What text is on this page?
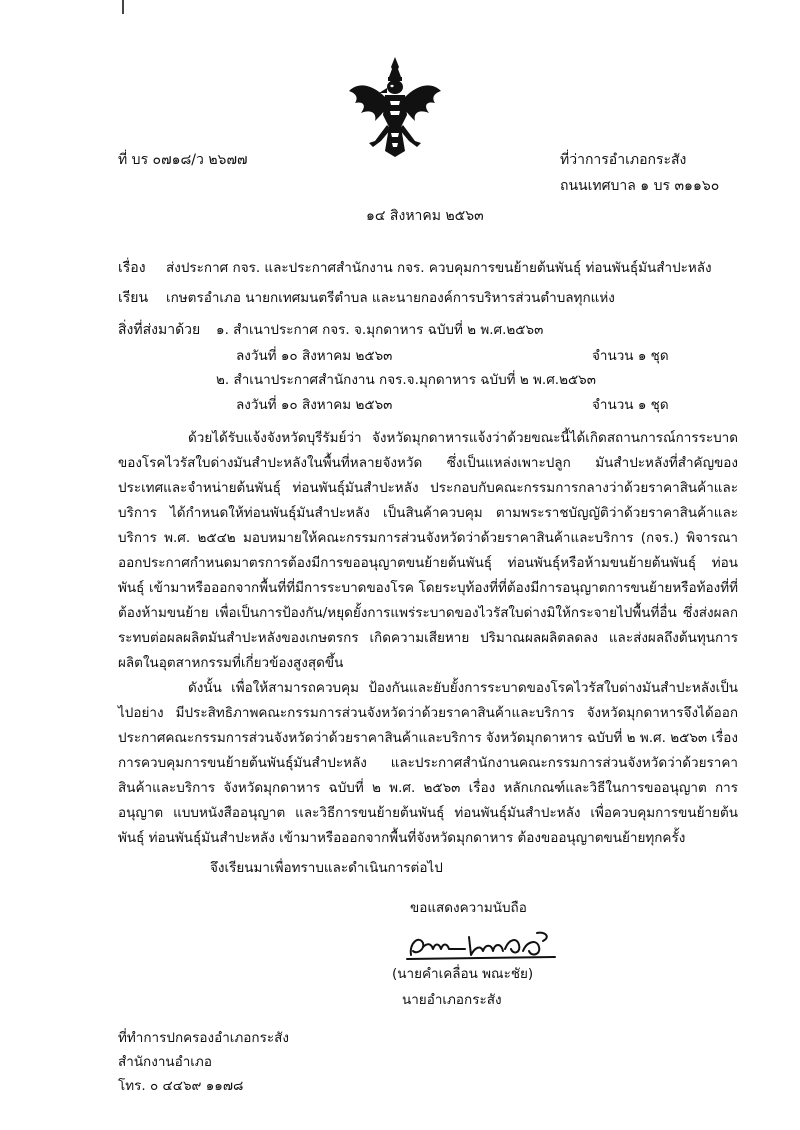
ที่ บร ๐๗๑๘/ว ๒๖๗๗	ที่ว่าการอำเภอกระสัง
ถนนเทศบาล ๑ บร ๓๑๑๖๐
๑๔ สิงหาคม ๒๕๖๓
เรื่อง ส่งประกาศ กจร. และประกาศสำนักงาน กจร. ควบคุมการขนย้ายต้นพันธุ์ ท่อนพันธุ์มันสำปะหลัง
เรียน เกษตรอำเภอ นายกเทศมนตรีตำบล และนายกองค์การบริหารส่วนตำบลทุกแห่ง
สิ่งที่ส่งมาด้วย ๑. สำเนาประกาศ กจร. จ.มุกดาหาร ฉบับที่ ๒ พ.ศ.๒๕๖๓
ลงวันที่ ๑๐ สิงหาคม ๒๕๖๓	จำนวน ๑ ชุด
๒. สำเนาประกาศสำนักงาน กจร.จ.มุกดาหาร ฉบับที่ ๒ พ.ศ.๒๕๖๓
ลงวันที่ ๑๐ สิงหาคม ๒๕๖๓	จำนวน ๑ ชุด

ด้วยได้รับแจ้งจังหวัดบุรีรัมย์ว่า จังหวัดมุกดาหารแจ้งว่าด้วยขณะนี้ได้เกิดสถานการณ์การระบาดของโรคไวรัสใบด่างมันสำปะหลังในพื้นที่หลายจังหวัด ซึ่งเป็นแหล่งเพาะปลูก มันสำปะหลังที่สำคัญของประเทศและจำหน่ายต้นพันธุ์ ท่อนพันธุ์มันสำปะหลัง ประกอบกับคณะกรรมการกลางว่าด้วยราคาสินค้าและบริการ ได้กำหนดให้ท่อนพันธุ์มันสำปะหลัง เป็นสินค้าควบคุม ตามพระราชบัญญัติว่าด้วยราคาสินค้าและบริการ พ.ศ. ๒๕๔๒ มอบหมายให้คณะกรรมการส่วนจังหวัดว่าด้วยราคาสินค้าและบริการ (กจร.) พิจารณาออกประกาศกำหนดมาตรการต้องมีการขออนุญาตขนย้ายต้นพันธุ์ ท่อนพันธุ์หรือห้ามขนย้ายต้นพันธุ์ ท่อนพันธุ์ เข้ามาหรือออกจากพื้นที่ที่มีการระบาดของโรค โดยระบุท้องที่ที่ต้องมีการอนุญาตการขนย้ายหรือท้องที่ที่ต้องห้ามขนย้าย เพื่อเป็นการป้องกัน/หยุดยั้งการแพร่ระบาดของไวรัสใบด่างมิให้กระจายไปพื้นที่อื่น ซึ่งส่งผลกระทบต่อผลผลิตมันสำปะหลังของเกษตรกร เกิดความเสียหาย ปริมาณผลผลิตลดลง และส่งผลถึงต้นทุนการผลิตในอุตสาหกรรมที่เกี่ยวข้องสูงสุดขึ้น

ดังนั้น เพื่อให้สามารถควบคุม ป้องกันและยับยั้งการระบาดของโรคไวรัสใบด่างมันสำปะหลังเป็นไปอย่าง มีประสิทธิภาพคณะกรรมการส่วนจังหวัดว่าด้วยราคาสินค้าและบริการ จังหวัดมุกดาหารจึงได้ออกประกาศคณะกรรมการส่วนจังหวัดว่าด้วยราคาสินค้าและบริการ จังหวัดมุกดาหาร ฉบับที่ ๒ พ.ศ. ๒๕๖๓ เรื่อง การควบคุมการขนย้ายต้นพันธุ์มันสำปะหลัง และประกาศสำนักงานคณะกรรมการส่วนจังหวัดว่าด้วยราคาสินค้าและบริการ จังหวัดมุกดาหาร ฉบับที่ ๒ พ.ศ. ๒๕๖๓ เรื่อง หลักเกณฑ์และวิธีในการขออนุญาต การอนุญาต แบบหนังสืออนุญาต และวิธีการขนย้ายต้นพันธุ์ ท่อนพันธุ์มันสำปะหลัง เพื่อควบคุมการขนย้ายต้นพันธุ์ ท่อนพันธุ์มันสำปะหลัง เข้ามาหรือออกจากพื้นที่จังหวัดมุกดาหาร ต้องขออนุญาตขนย้ายทุกครั้ง

จึงเรียนมาเพื่อทราบและดำเนินการต่อไป
ขอแสดงความนับถือ
(นายคำเคลื่อน พณะชัย)
นายอำเภอกระสัง
ที่ทำการปกครองอำเภอกระสัง
สำนักงานอำเภอ
โทร. ๐ ๔๔๖๙ ๑๑๗๘
